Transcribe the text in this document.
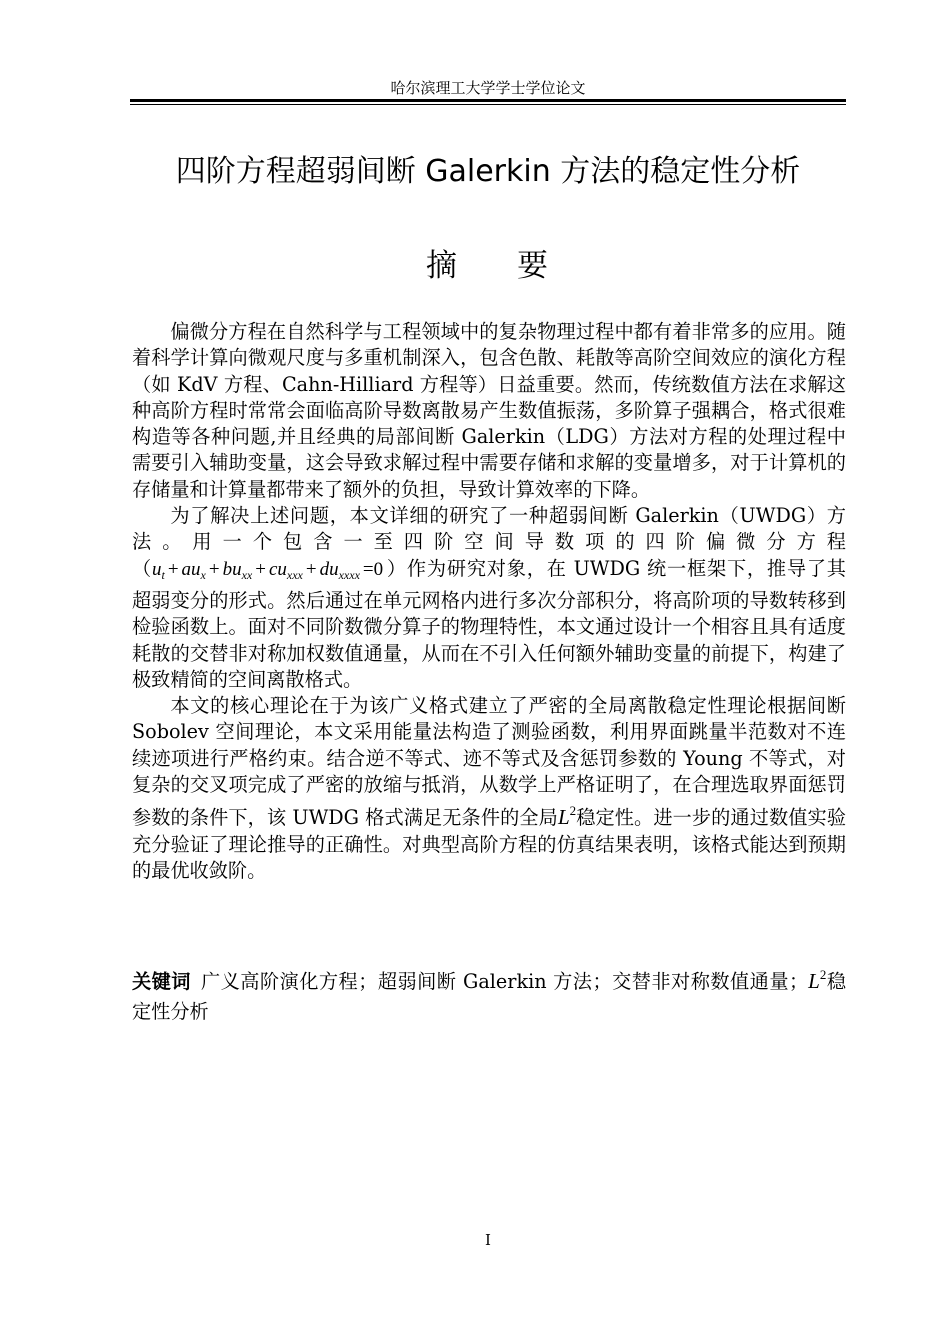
哈尔滨理工大学学士学位论文
四阶方程超弱间断 Galerkin 方法的稳定性分析
摘 要

偏微分方程在自然科学与工程领域中的复杂物理过程中都有着非常多的应用。随着科学计算向微观尺度与多重机制深入，包含色散、耗散等高阶空间效应的演化方程（如 KdV 方程、Cahn-Hilliard 方程等）日益重要。然而，传统数值方法在求解这种高阶方程时常常会面临高阶导数离散易产生数值振荡，多阶算子强耦合，格式很难构造等各种问题,并且经典的局部间断 Galerkin（LDG）方法对方程的处理过程中需要引入辅助变量，这会导致求解过程中需要存储和求解的变量增多，对于计算机的存储量和计算量都带来了额外的负担，导致计算效率的下降。

为了解决上述问题，本文详细的研究了一种超弱间断 Galerkin（UWDG）方法。用一个包含一至四阶空间导数项的四阶偏微分方程（$u_t + au_x + bu_{xx} + cu_{xxx} + du_{xxxx} =0$ ）作为研究对象，在 UWDG 统一框架下，推导了其超弱变分的形式。然后通过在单元网格内进行多次分部积分，将高阶项的导数转移到检验函数上。面对不同阶数微分算子的物理特性，本文通过设计一个相容且具有适度耗散的交替非对称加权数值通量，从而在不引入任何额外辅助变量的前提下，构建了极致精简的空间离散格式。

本文的核心理论在于为该广义格式建立了严密的全局离散稳定性理论根据间断 Sobolev 空间理论，本文采用能量法构造了测验函数，利用界面跳量半范数对不连续迹项进行严格约束。结合逆不等式、迹不等式及含惩罚参数的 Young 不等式，对复杂的交叉项完成了严密的放缩与抵消，从数学上严格证明了，在合理选取界面惩罚参数的条件下，该 UWDG 格式满足无条件的全局$L^2$稳定性。进一步的通过数值实验充分验证了理论推导的正确性。对典型高阶方程的仿真结果表明，该格式能达到预期的最优收敛阶。

关键词 广义高阶演化方程；超弱间断 Galerkin 方法；交替非对称数值通量；$L^2$稳定性分析
I
